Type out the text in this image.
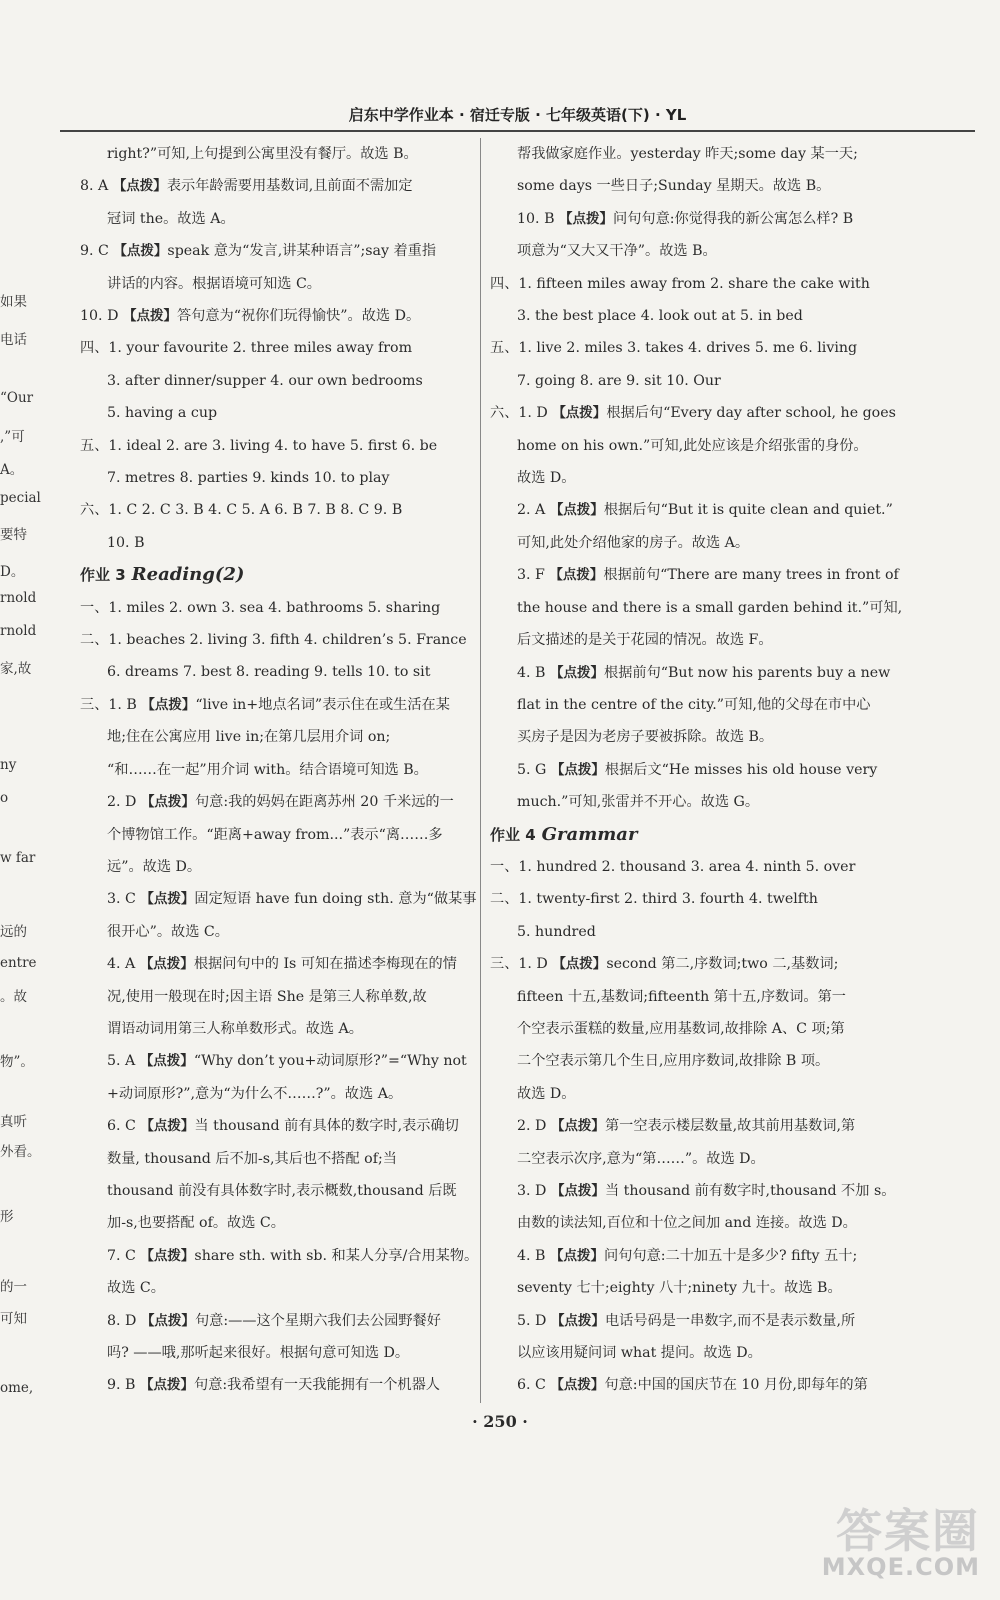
启东中学作业本 · 宿迁专版 · 七年级英语(下) · YL
如果
电话
“Our
,”可
A。
pecial
要特
D。
rnold
rnold
家,故
ny
o
w far
远的
entre
。故
物”。
真听
外看。
形
的一
可知
ome,
right?”可知,上句提到公寓里没有餐厅。故选 B。
8. A 【点拨】表示年龄需要用基数词,且前面不需加定
冠词 the。故选 A。
9. C 【点拨】speak 意为“发言,讲某种语言”;say 着重指
讲话的内容。根据语境可知选 C。
10. D 【点拨】答句意为“祝你们玩得愉快”。故选 D。
四、1. your favourite 2. three miles away from
3. after dinner/supper 4. our own bedrooms
5. having a cup
五、1. ideal 2. are 3. living 4. to have 5. first 6. be
7. metres 8. parties 9. kinds 10. to play
六、1. C 2. C 3. B 4. C 5. A 6. B 7. B 8. C 9. B
10. B
作业 3 Reading(2)
一、1. miles 2. own 3. sea 4. bathrooms 5. sharing
二、1. beaches 2. living 3. fifth 4. children’s 5. France
6. dreams 7. best 8. reading 9. tells 10. to sit
三、1. B 【点拨】“live in+地点名词”表示住在或生活在某
地;住在公寓应用 live in;在第几层用介词 on;
“和……在一起”用介词 with。结合语境可知选 B。
2. D 【点拨】句意:我的妈妈在距离苏州 20 千米远的一
个博物馆工作。“距离+away from...”表示“离……多
远”。故选 D。
3. C 【点拨】固定短语 have fun doing sth. 意为“做某事
很开心”。故选 C。
4. A 【点拨】根据问句中的 Is 可知在描述李梅现在的情
况,使用一般现在时;因主语 She 是第三人称单数,故
谓语动词用第三人称单数形式。故选 A。
5. A 【点拨】“Why don’t you+动词原形?”=“Why not
+动词原形?”,意为“为什么不……?”。故选 A。
6. C 【点拨】当 thousand 前有具体的数字时,表示确切
数量, thousand 后不加-s,其后也不搭配 of;当
thousand 前没有具体数字时,表示概数,thousand 后既
加-s,也要搭配 of。故选 C。
7. C 【点拨】share sth. with sb. 和某人分享/合用某物。
故选 C。
8. D 【点拨】句意:——这个星期六我们去公园野餐好
吗? ——哦,那听起来很好。根据句意可知选 D。
9. B 【点拨】句意:我希望有一天我能拥有一个机器人
帮我做家庭作业。yesterday 昨天;some day 某一天;
some days 一些日子;Sunday 星期天。故选 B。
10. B 【点拨】问句句意:你觉得我的新公寓怎么样? B
项意为“又大又干净”。故选 B。
四、1. fifteen miles away from 2. share the cake with
3. the best place 4. look out at 5. in bed
五、1. live 2. miles 3. takes 4. drives 5. me 6. living
7. going 8. are 9. sit 10. Our
六、1. D 【点拨】根据后句“Every day after school, he goes
home on his own.”可知,此处应该是介绍张雷的身份。
故选 D。
2. A 【点拨】根据后句“But it is quite clean and quiet.”
可知,此处介绍他家的房子。故选 A。
3. F 【点拨】根据前句“There are many trees in front of
the house and there is a small garden behind it.”可知,
后文描述的是关于花园的情况。故选 F。
4. B 【点拨】根据前句“But now his parents buy a new
flat in the centre of the city.”可知,他的父母在市中心
买房子是因为老房子要被拆除。故选 B。
5. G 【点拨】根据后文“He misses his old house very
much.”可知,张雷并不开心。故选 G。
作业 4 Grammar
一、1. hundred 2. thousand 3. area 4. ninth 5. over
二、1. twenty-first 2. third 3. fourth 4. twelfth
5. hundred
三、1. D 【点拨】second 第二,序数词;two 二,基数词;
fifteen 十五,基数词;fifteenth 第十五,序数词。第一
个空表示蛋糕的数量,应用基数词,故排除 A、C 项;第
二个空表示第几个生日,应用序数词,故排除 B 项。
故选 D。
2. D 【点拨】第一空表示楼层数量,故其前用基数词,第
二空表示次序,意为“第……”。故选 D。
3. D 【点拨】当 thousand 前有数字时,thousand 不加 s。
由数的读法知,百位和十位之间加 and 连接。故选 D。
4. B 【点拨】问句句意:二十加五十是多少? fifty 五十;
seventy 七十;eighty 八十;ninety 九十。故选 B。
5. D 【点拨】电话号码是一串数字,而不是表示数量,所
以应该用疑问词 what 提问。故选 D。
6. C 【点拨】句意:中国的国庆节在 10 月份,即每年的第
· 250 ·
答案圈
MXQE.COM
